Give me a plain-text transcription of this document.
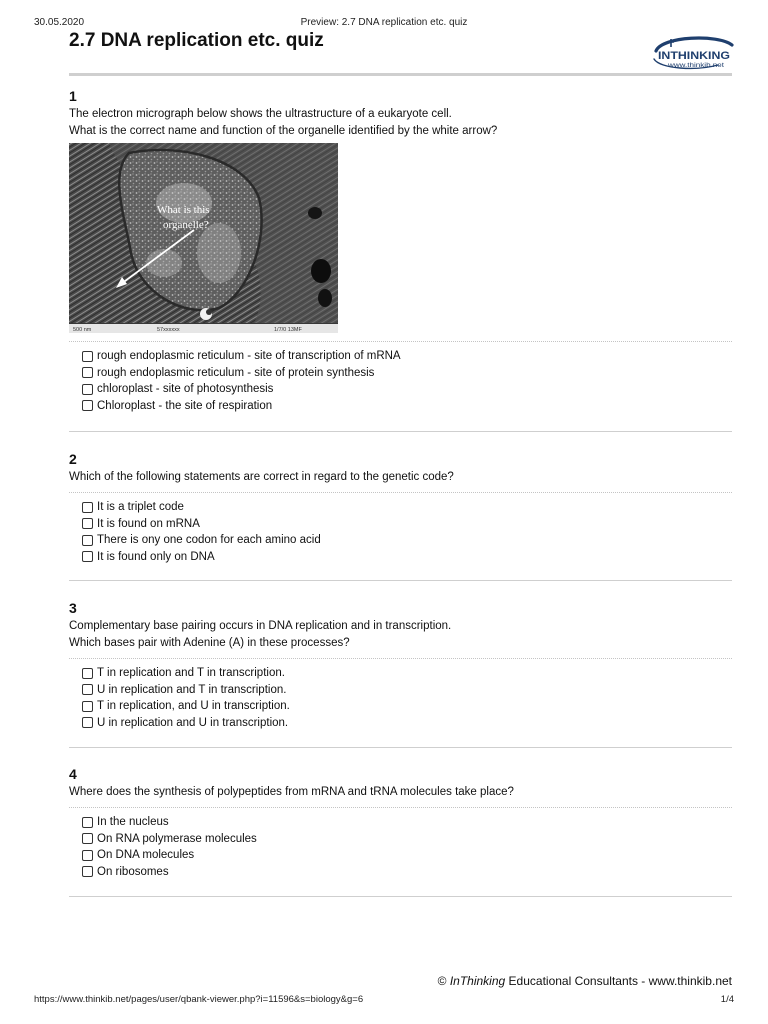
30.05.2020	Preview: 2.7 DNA replication etc. quiz
2.7 DNA replication etc. quiz
INTHINKING
www.thinkib.net
1
The electron micrograph below shows the ultrastructure of a eukaryote cell.
What is the correct name and function of the organelle identified by the white arrow?
What is this
organelle?
500 nm	57xxxxxx	1/7/0 13MF
rough endoplasmic reticulum - site of transcription of mRNA
rough endoplasmic reticulum - site of protein synthesis
chloroplast - site of photosynthesis
Chloroplast - the site of respiration
2
Which of the following statements are correct in regard to the genetic code?
It is a triplet code
It is found on mRNA
There is ony one codon for each amino acid
It is found only on DNA
3
Complementary base pairing occurs in DNA replication and in transcription.
Which bases pair with Adenine (A) in these processes?
T in replication and T in transcription.
U in replication and T in transcription.
T in replication, and U in transcription.
U in replication and U in transcription.
4
Where does the synthesis of polypeptides from mRNA and tRNA molecules take place?
In the nucleus
On RNA polymerase molecules
On DNA molecules
On ribosomes
© InThinking Educational Consultants - www.thinkib.net
https://www.thinkib.net/pages/user/qbank-viewer.php?i=11596&s=biology&g=6	1/4
